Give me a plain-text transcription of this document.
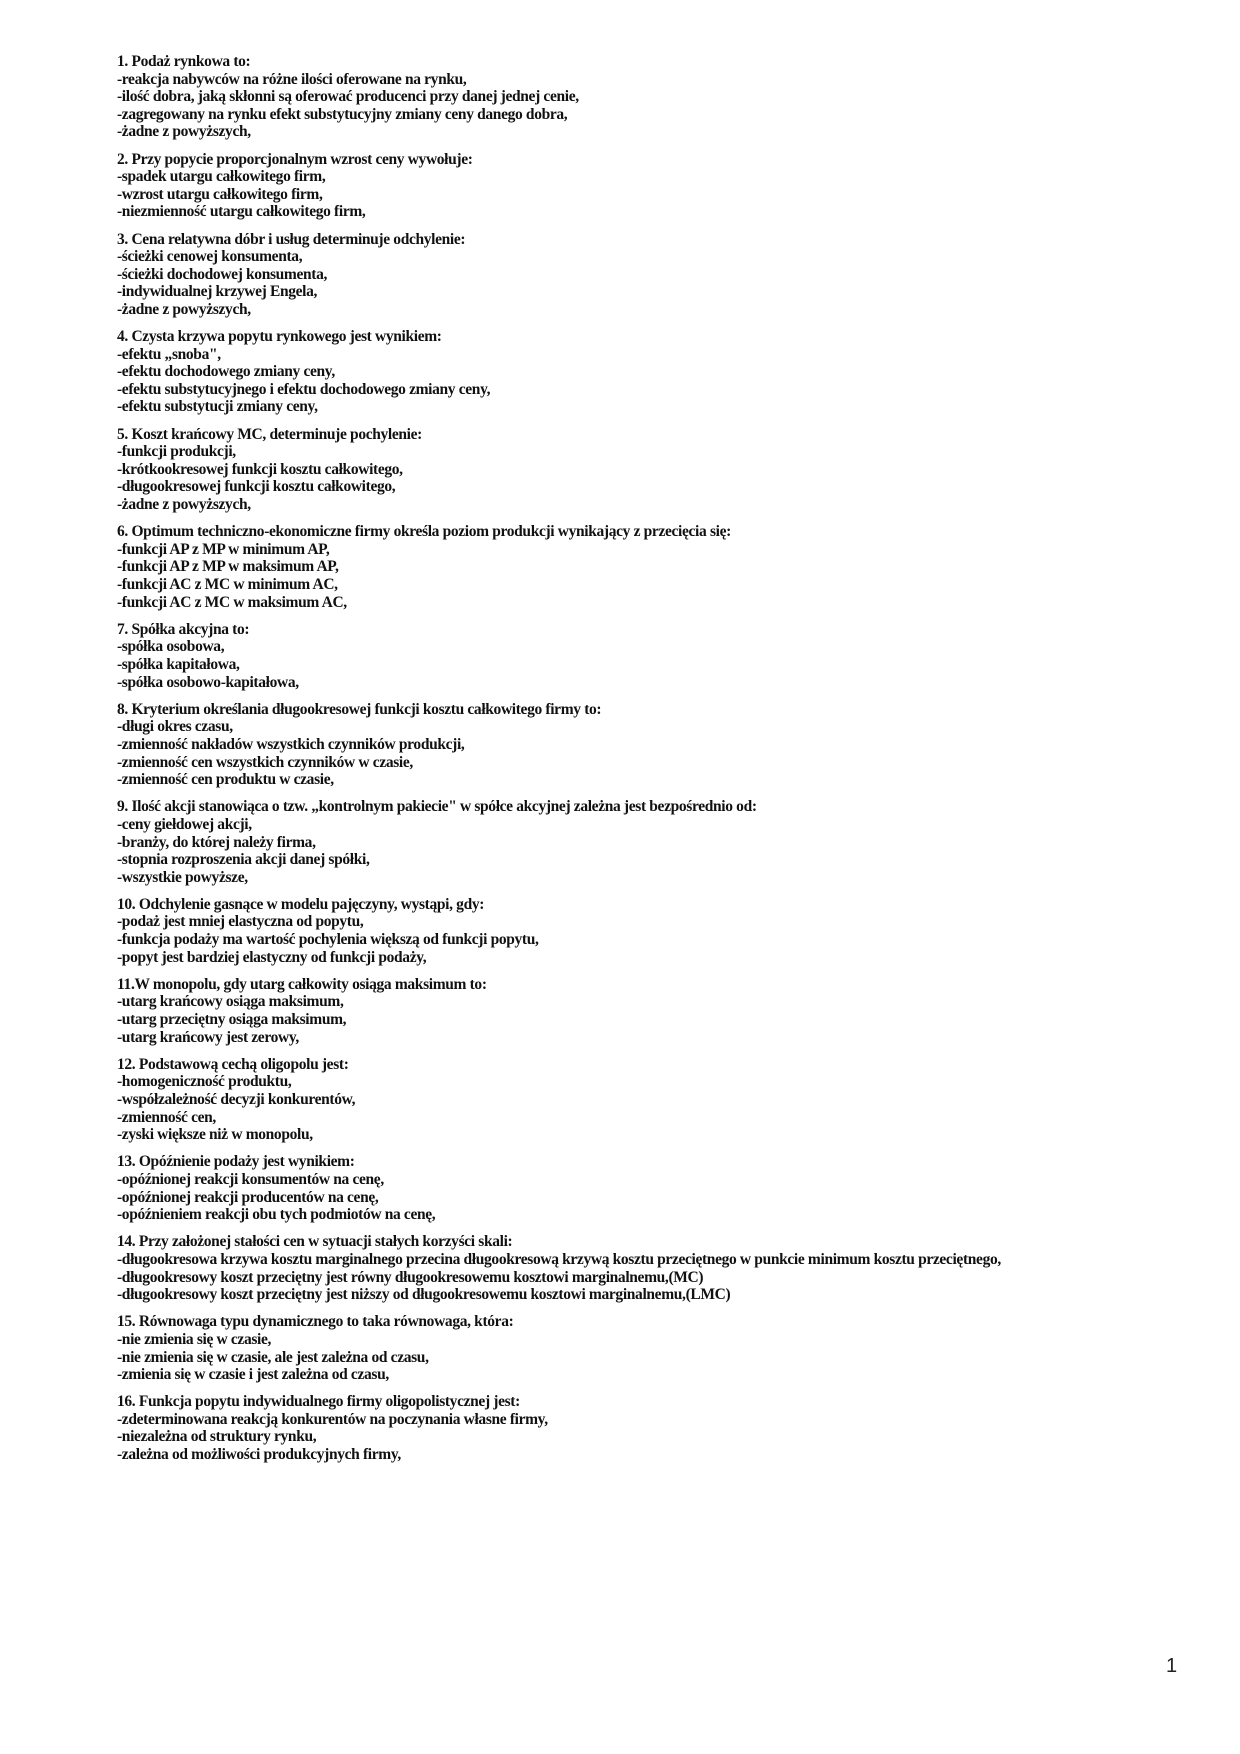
1. Podaż rynkowa to:
-reakcja nabywców na różne ilości oferowane na rynku,
-ilość dobra, jaką skłonni są oferować producenci przy danej jednej cenie,
-zagregowany na rynku efekt substytucyjny zmiany ceny danego dobra,
-żadne z powyższych,
2. Przy popycie proporcjonalnym wzrost ceny wywołuje:
-spadek utargu całkowitego firm,
-wzrost utargu całkowitego firm,
-niezmienność utargu całkowitego firm,
3. Cena relatywna dóbr i usług determinuje odchylenie:
-ścieżki cenowej konsumenta,
-ścieżki dochodowej konsumenta,
-indywidualnej krzywej Engela,
-żadne z powyższych,
4. Czysta krzywa popytu rynkowego jest wynikiem:
-efektu „snoba",
-efektu dochodowego zmiany ceny,
-efektu substytucyjnego i efektu dochodowego zmiany ceny,
-efektu substytucji zmiany ceny,
5. Koszt krańcowy MC, determinuje pochylenie:
-funkcji produkcji,
-krótkookresowej funkcji kosztu całkowitego,
-długookresowej funkcji kosztu całkowitego,
-żadne z powyższych,
6. Optimum techniczno-ekonomiczne firmy określa poziom produkcji wynikający z przecięcia się:
-funkcji AP z MP w minimum AP,
-funkcji AP z MP w maksimum AP,
-funkcji AC z MC w minimum AC,
-funkcji AC z MC w maksimum AC,
7. Spółka akcyjna to:
-spółka osobowa,
-spółka kapitałowa,
-spółka osobowo-kapitałowa,
8. Kryterium określania długookresowej funkcji kosztu całkowitego firmy to:
-długi okres czasu,
-zmienność nakładów wszystkich czynników produkcji,
-zmienność cen wszystkich czynników w czasie,
-zmienność cen produktu w czasie,
9. Ilość akcji stanowiąca o tzw. „kontrolnym pakiecie" w spółce akcyjnej zależna jest bezpośrednio od:
-ceny giełdowej akcji,
-branży, do której należy firma,
-stopnia rozproszenia akcji danej spółki,
-wszystkie powyższe,
10. Odchylenie gasnące w modelu pajęczyny, wystąpi, gdy:
-podaż jest mniej elastyczna od popytu,
-funkcja podaży ma wartość pochylenia większą od funkcji popytu,
-popyt jest bardziej elastyczny od funkcji podaży,
11.W monopolu, gdy utarg całkowity osiąga maksimum to:
-utarg krańcowy osiąga maksimum,
-utarg przeciętny osiąga maksimum,
-utarg krańcowy jest zerowy,
12. Podstawową cechą oligopolu jest:
-homogeniczność produktu,
-współzależność decyzji konkurentów,
-zmienność cen,
-zyski większe niż w monopolu,
13. Opóźnienie podaży jest wynikiem:
-opóźnionej reakcji konsumentów na cenę,
-opóźnionej reakcji producentów na cenę,
-opóźnieniem reakcji obu tych podmiotów na cenę,
14. Przy założonej stałości cen w sytuacji stałych korzyści skali:
-długookresowa krzywa kosztu marginalnego przecina długookresową krzywą kosztu przeciętnego w punkcie minimum kosztu przeciętnego,
-długookresowy koszt przeciętny jest równy długookresowemu kosztowi marginalnemu,(MC)
-długookresowy koszt przeciętny jest niższy od długookresowemu kosztowi marginalnemu,(LMC)
15. Równowaga typu dynamicznego to taka równowaga, która:
-nie zmienia się w czasie,
-nie zmienia się w czasie, ale jest zależna od czasu,
-zmienia się w czasie i jest zależna od czasu,
16. Funkcja popytu indywidualnego firmy oligopolistycznej jest:
-zdeterminowana reakcją konkurentów na poczynania własne firmy,
-niezależna od struktury rynku,
-zależna od możliwości produkcyjnych firmy,
1
